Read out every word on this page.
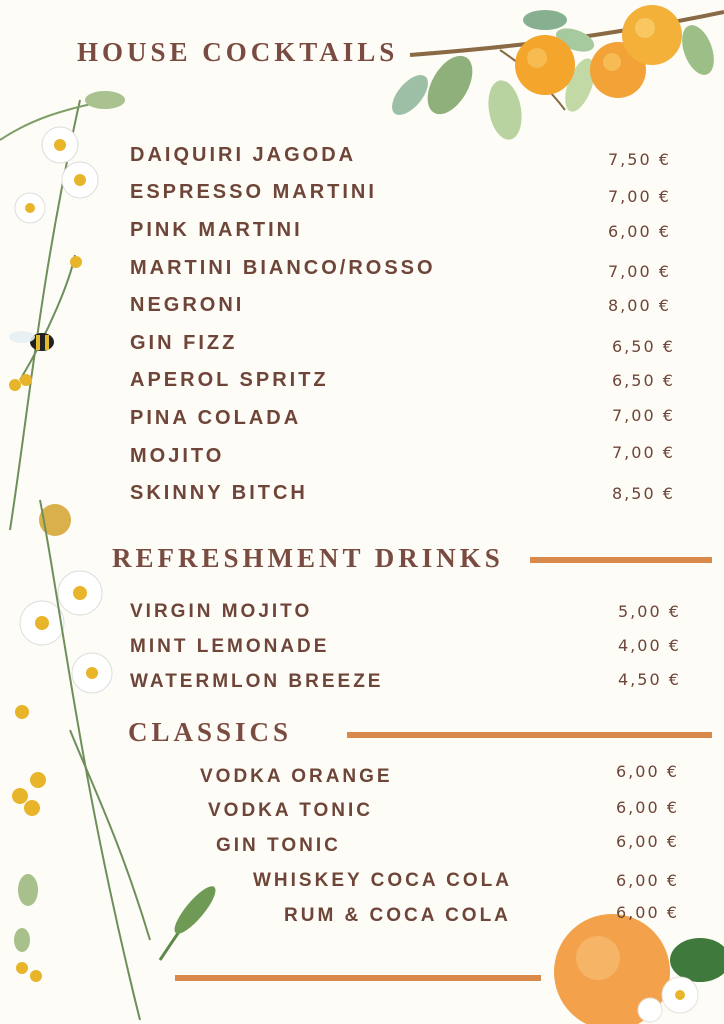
HOUSE COCKTAILS
DAIQUIRI JAGODA	7,50 €
ESPRESSO MARTINI	7,00 €
PINK MARTINI	6,00 €
MARTINI BIANCO/ROSSO	7,00 €
NEGRONI	8,00 €
GIN FIZZ	6,50 €
APEROL SPRITZ	6,50 €
PINA COLADA	7,00 €
MOJITO	7,00 €
SKINNY BITCH	8,50 €
REFRESHMENT DRINKS
VIRGIN MOJITO	5,00 €
MINT LEMONADE	4,00 €
WATERMLON BREEZE	4,50 €
CLASSICS
VODKA ORANGE	6,00 €
VODKA TONIC	6,00 €
GIN TONIC	6,00 €
WHISKEY COCA COLA	6,00 €
RUM & COCA COLA	6,00 €
